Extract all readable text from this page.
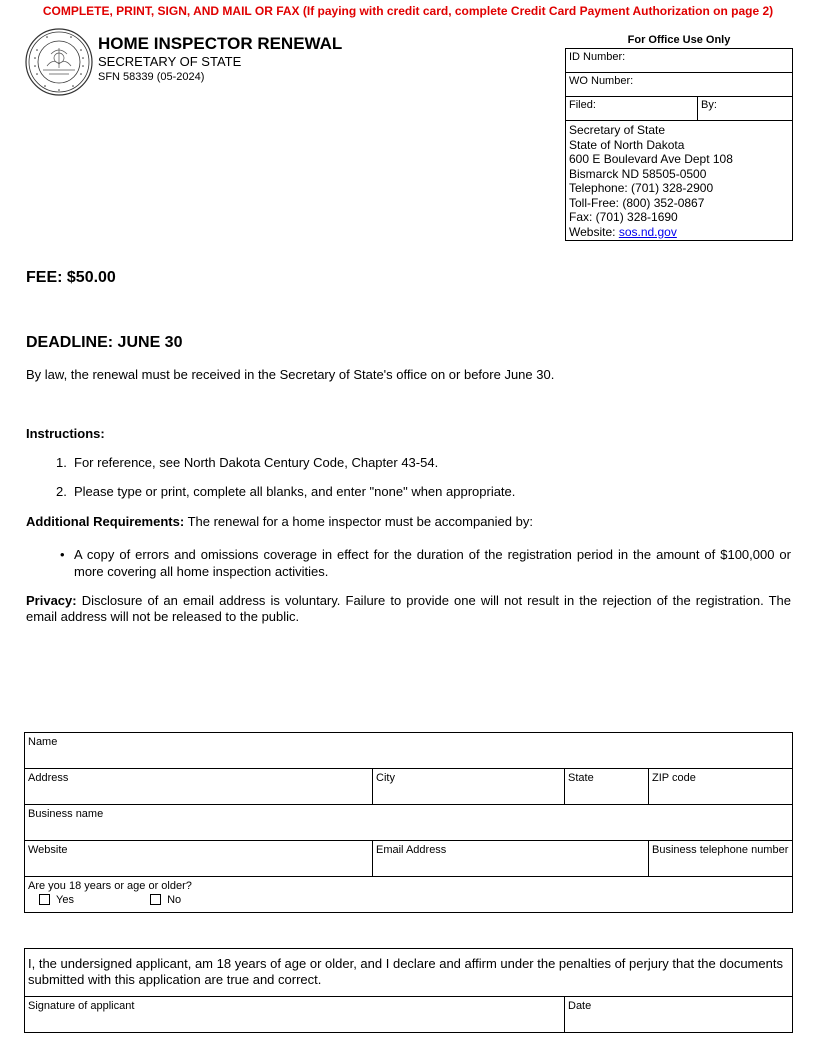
COMPLETE, PRINT, SIGN, AND MAIL OR FAX (If paying with credit card, complete Credit Card Payment Authorization on page 2)
HOME INSPECTOR RENEWAL
SECRETARY OF STATE
SFN 58339 (05-2024)
For Office Use Only
ID Number:
WO Number:
Filed:	By:
Secretary of State
State of North Dakota
600 E Boulevard Ave Dept 108
Bismarck ND 58505-0500
Telephone: (701) 328-2900
Toll-Free: (800) 352-0867
Fax: (701) 328-1690
Website: sos.nd.gov
FEE: $50.00
DEADLINE: JUNE 30
By law, the renewal must be received in the Secretary of State's office on or before June 30.
Instructions:
1. For reference, see North Dakota Century Code, Chapter 43-54.
2. Please type or print, complete all blanks, and enter "none" when appropriate.
Additional Requirements: The renewal for a home inspector must be accompanied by:
• A copy of errors and omissions coverage in effect for the duration of the registration period in the amount of $100,000 or more covering all home inspection activities.
Privacy: Disclosure of an email address is voluntary. Failure to provide one will not result in the rejection of the registration. The email address will not be released to the public.
Name
Address	City	State	ZIP code
Business name
Website	Email Address	Business telephone number
Are you 18 years or age or older?
Yes	No
I, the undersigned applicant, am 18 years of age or older, and I declare and affirm under the penalties of perjury that the documents submitted with this application are true and correct.
Signature of applicant	Date
